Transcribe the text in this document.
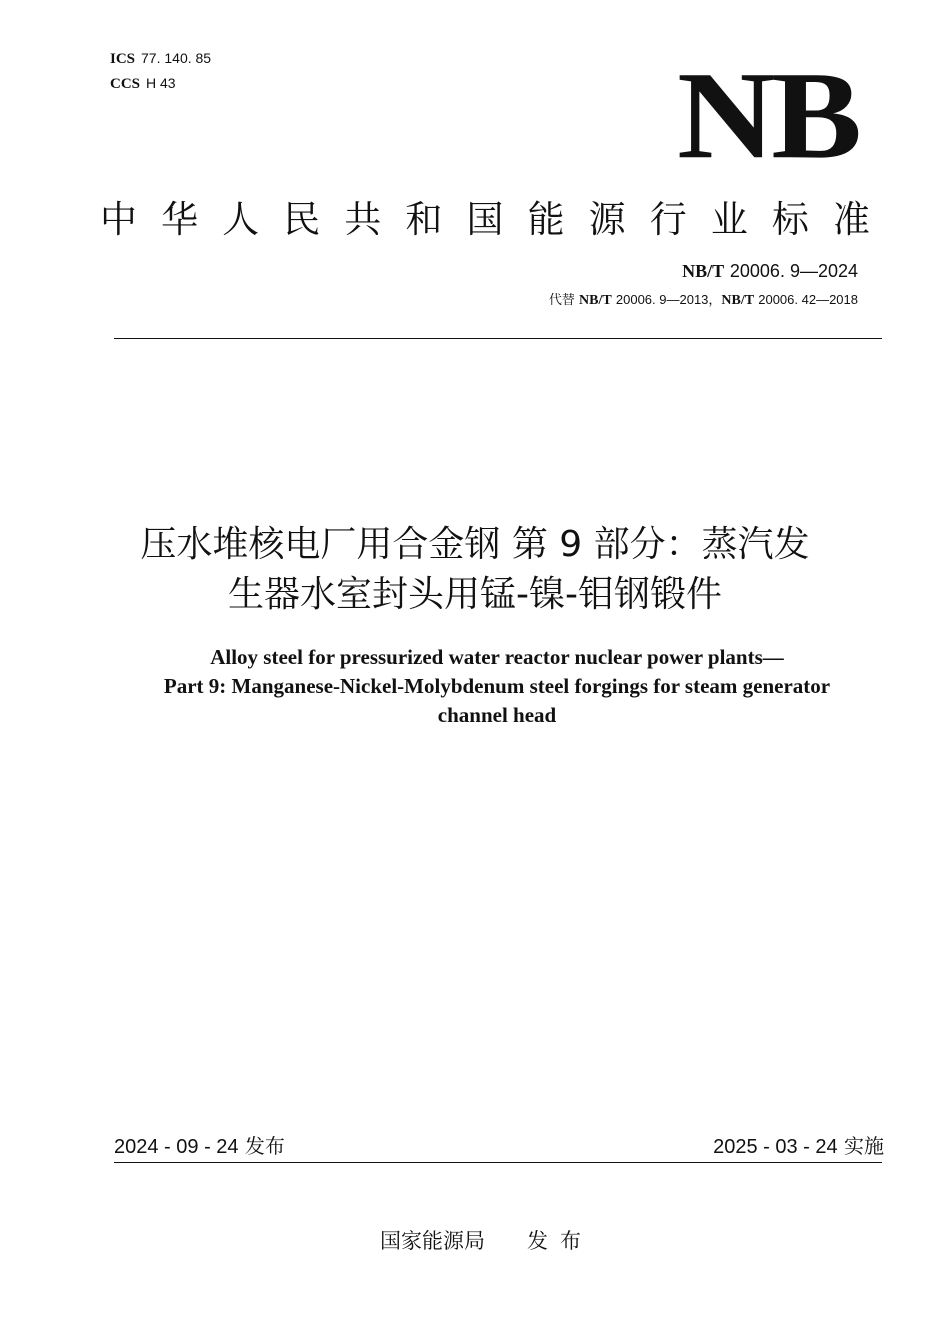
ICS 77. 140. 85
CCS H 43	NB
中华人民共和国能源行业标准
NB/T 20006. 9—2024
代替 NB/T 20006. 9—2013，NB/T 20006. 42—2018
压水堆核电厂用合金钢 第 9 部分：蒸汽发
生器水室封头用锰-镍-钼钢锻件
Alloy steel for pressurized water reactor nuclear power plants—
Part 9: Manganese-Nickel-Molybdenum steel forgings for steam generator
channel head
2024 - 09 - 24 发布	2025 - 03 - 24 实施
国家能源局 发布
